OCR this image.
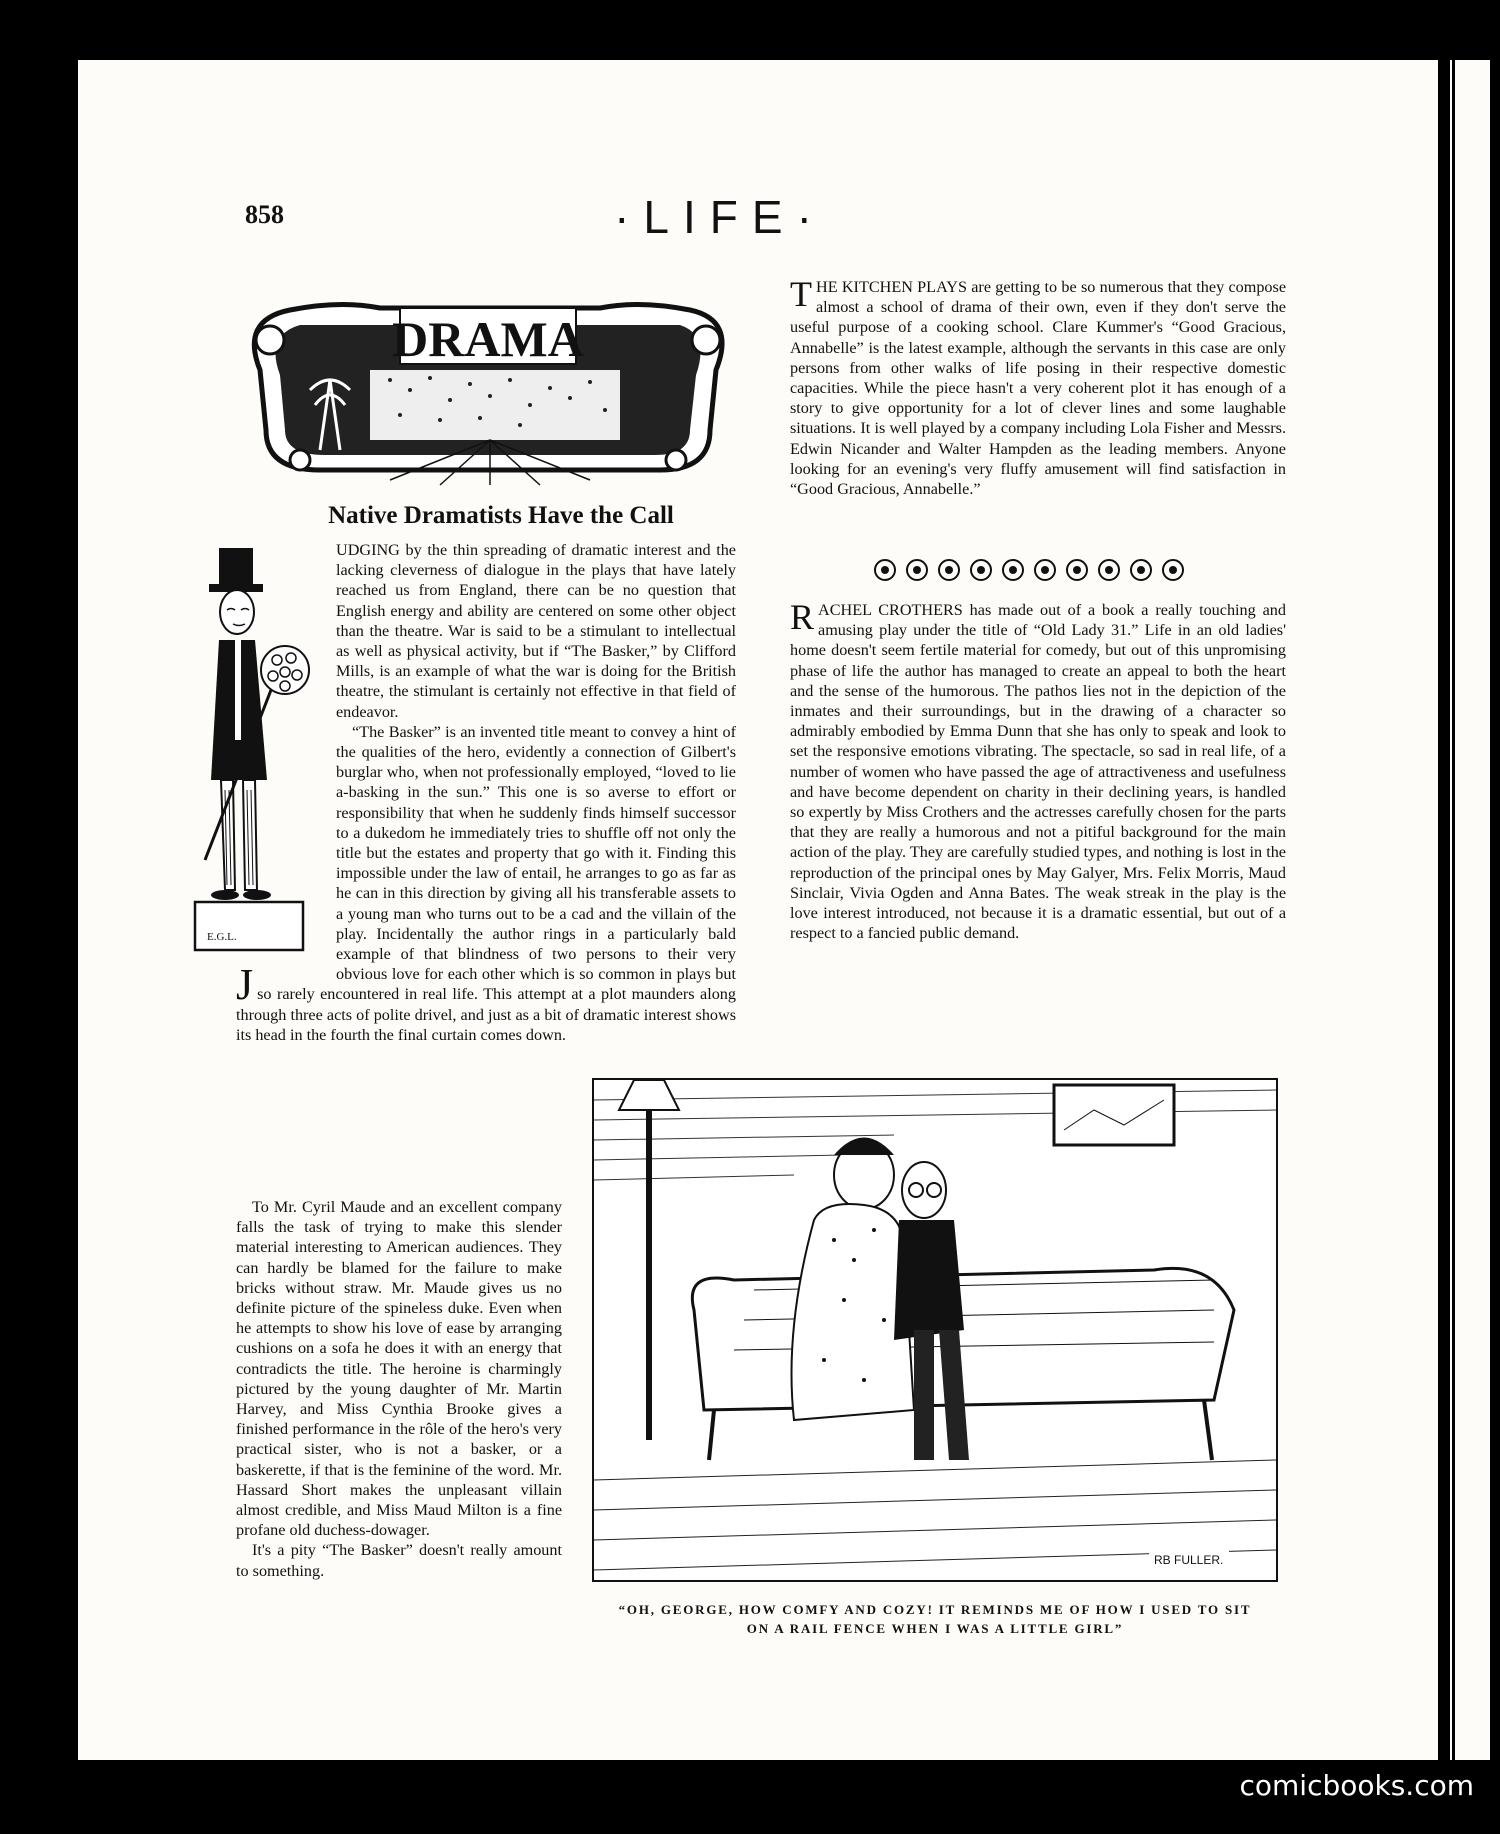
858	·LIFE·
DRAMA
Native Dramatists Have the Call
E.G.L.

J
UDGING by the thin spreading of dramatic interest and the lacking cleverness of dialogue in the plays that have lately reached us from England, there can be no question that English energy and ability are centered on some other object than the theatre. War is said to be a stimulant to intellectual as well as physical activity, but if “The Basker,” by Clifford Mills, is an example of what the war is doing for the British theatre, the stimulant is certainly not effective in that field of endeavor.

“The Basker” is an invented title meant to convey a hint of the qualities of the hero, evidently a connection of Gilbert's burglar who, when not professionally employed, “loved to lie a-basking in the sun.” This one is so averse to effort or responsibility that when he suddenly finds himself successor to a dukedom he immediately tries to shuffle off not only the title but the estates and property that go with it. Finding this impossible under the law of entail, he arranges to go as far as he can in this direction by giving all his transferable assets to a young man who turns out to be a cad and the villain of the play. Incidentally the author rings in a particularly bald example of that blindness of two persons to their very obvious love for each other which is so common in plays but so rarely encountered in real life. This attempt at a plot maunders along through three acts of polite drivel, and just as a bit of dramatic interest shows its head in the fourth the final curtain comes down.

To Mr. Cyril Maude and an excellent company falls the task of trying to make this slender material interesting to American audiences. They can hardly be blamed for the failure to make bricks without straw. Mr. Maude gives us no definite picture of the spineless duke. Even when he attempts to show his love of ease by arranging cushions on a sofa he does it with an energy that contradicts the title. The heroine is charmingly pictured by the young daughter of Mr. Martin Harvey, and Miss Cynthia Brooke gives a finished performance in the rôle of the hero's very practical sister, who is not a basker, or a baskerette, if that is the feminine of the word. Mr. Hassard Short makes the unpleasant villain almost credible, and Miss Maud Milton is a fine profane old duchess-dowager.

It's a pity “The Basker” doesn't really amount to something.

THE KITCHEN PLAYS are getting to be so numerous that they compose almost a school of drama of their own, even if they don't serve the useful purpose of a cooking school. Clare Kummer's “Good Gracious, Annabelle” is the latest example, although the servants in this case are only persons from other walks of life posing in their respective domestic capacities. While the piece hasn't a very coherent plot it has enough of a story to give opportunity for a lot of clever lines and some laughable situations. It is well played by a company including Lola Fisher and Messrs. Edwin Nicander and Walter Hampden as the leading members. Anyone looking for an evening's very fluffy amusement will find satisfaction in “Good Gracious, Annabelle.”

RACHEL CROTHERS has made out of a book a really touching and amusing play under the title of “Old Lady 31.” Life in an old ladies' home doesn't seem fertile material for comedy, but out of this unpromising phase of life the author has managed to create an appeal to both the heart and the sense of the humorous. The pathos lies not in the depiction of the inmates and their surroundings, but in the drawing of a character so admirably embodied by Emma Dunn that she has only to speak and look to set the responsive emotions vibrating. The spectacle, so sad in real life, of a number of women who have passed the age of attractiveness and usefulness and have become dependent on charity in their declining years, is handled so expertly by Miss Crothers and the actresses carefully chosen for the parts that they are really a humorous and not a pitiful background for the main action of the play. They are carefully studied types, and nothing is lost in the reproduction of the principal ones by May Galyer, Mrs. Felix Morris, Maud Sinclair, Vivia Ogden and Anna Bates. The weak streak in the play is the love interest introduced, not because it is a dramatic essential, but out of a respect to a fancied public demand.

RB FULLER.
“OH, GEORGE, HOW COMFY AND COZY! IT REMINDS ME OF HOW I USED TO SIT
ON A RAIL FENCE WHEN I WAS A LITTLE GIRL”
comicbooks.com
